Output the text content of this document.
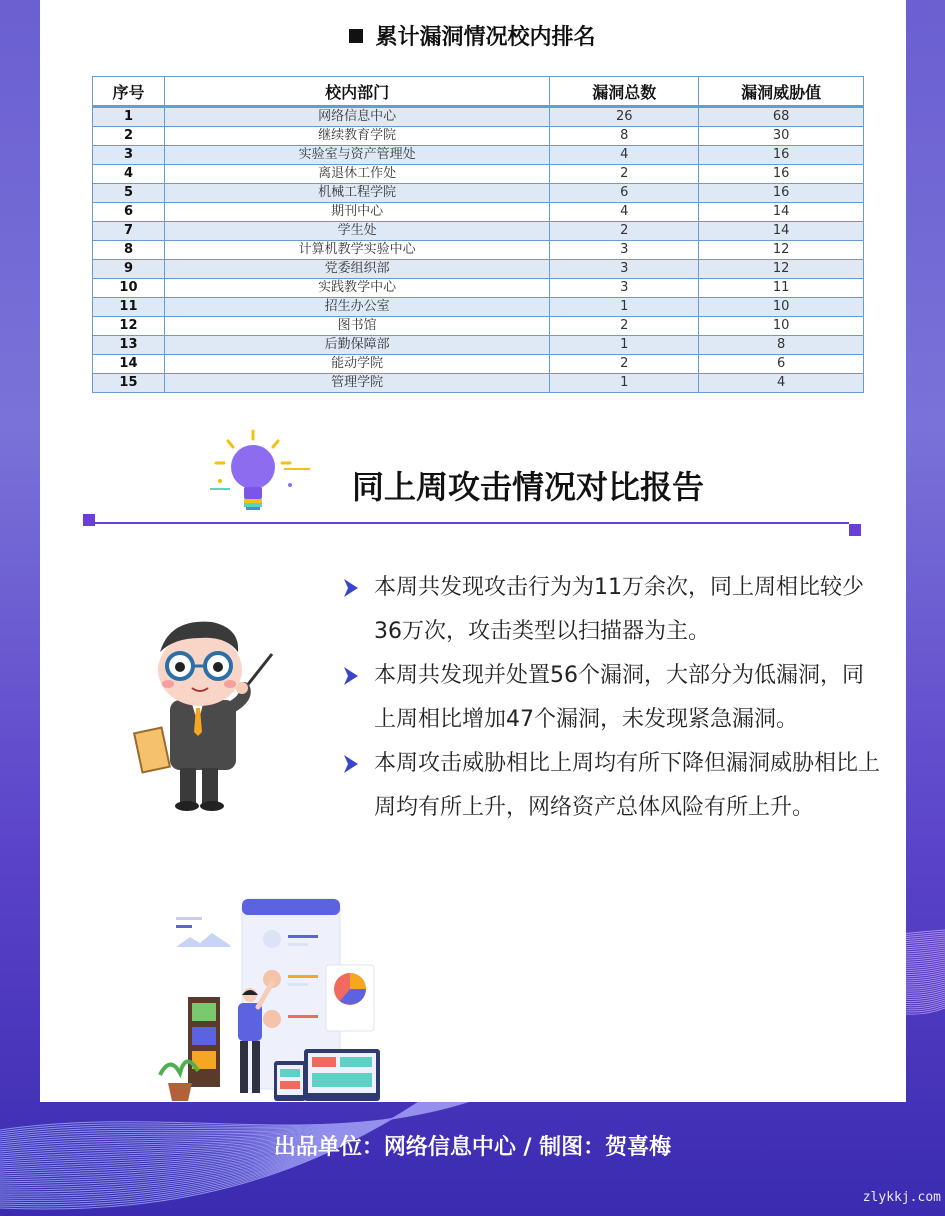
累计漏洞情况校内排名
序号	校内部门	漏洞总数	漏洞威胁值
1	网络信息中心	26	68
2	继续教育学院	8	30
3	实验室与资产管理处	4	16
4	离退休工作处	2	16
5	机械工程学院	6	16
6	期刊中心	4	14
7	学生处	2	14
8	计算机教学实验中心	3	12
9	党委组织部	3	12
10	实践教学中心	3	11
11	招生办公室	1	10
12	图书馆	2	10
13	后勤保障部	1	8
14	能动学院	2	6
15	管理学院	1	4
同上周攻击情况对比报告
本周共发现攻击行为为11万余次，同上周相比较少36万次，攻击类型以扫描器为主。
本周共发现并处置56个漏洞，大部分为低漏洞，同上周相比增加47个漏洞，未发现紧急漏洞。
本周攻击威胁相比上周均有所下降但漏洞威胁相比上周均有所上升，网络资产总体风险有所上升。
出品单位：网络信息中心 / 制图：贺喜梅
zlykkj.com
